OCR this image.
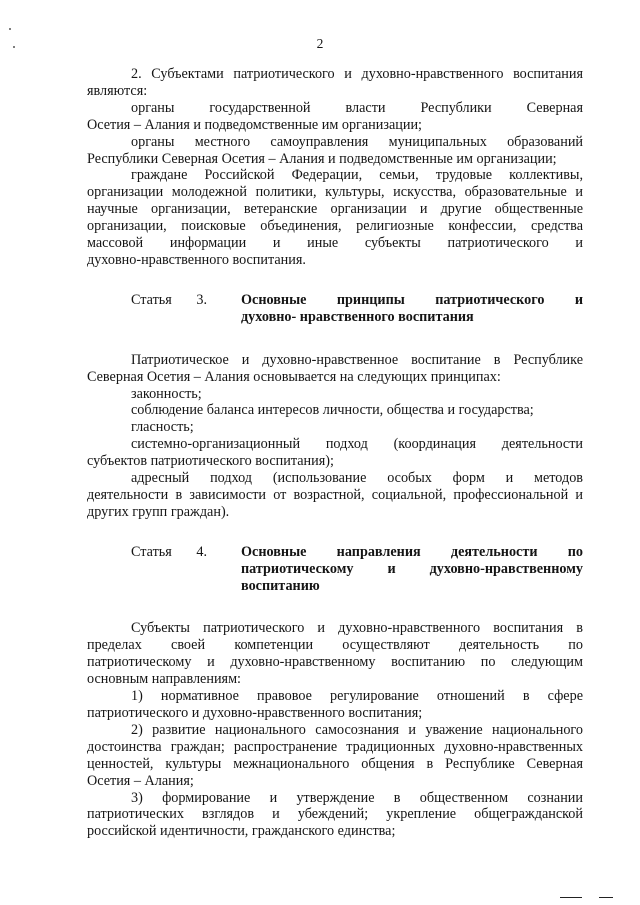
2
2. Субъектами патриотического и духовно-нравственного воспитания
являются:
органы государственной власти Республики Северная
Осетия – Алания и подведомственные им организации;
органы местного самоуправления муниципальных образований
Республики Северная Осетия – Алания и подведомственные им организации;
граждане Российской Федерации, семьи, трудовые коллективы,
организации молодежной политики, культуры, искусства, образовательные и
научные организации, ветеранские организации и другие общественные
организации, поисковые объединения, религиозные конфессии, средства
массовой информации и иные субъекты патриотического и
духовно-нравственного воспитания.
Статья 3. Основные принципы патриотического и
духовно- нравственного воспитания
Патриотическое и духовно-нравственное воспитание в Республике
Северная Осетия – Алания основывается на следующих принципах:
законность;
соблюдение баланса интересов личности, общества и государства;
гласность;
системно-организационный подход (координация деятельности
субъектов патриотического воспитания);
адресный подход (использование особых форм и методов
деятельности в зависимости от возрастной, социальной, профессиональной и
других групп граждан).
Статья 4. Основные направления деятельности по
патриотическому и духовно-нравственному
воспитанию
Субъекты патриотического и духовно-нравственного воспитания в
пределах своей компетенции осуществляют деятельность по
патриотическому и духовно-нравственному воспитанию по следующим
основным направлениям:
1) нормативное правовое регулирование отношений в сфере
патриотического и духовно-нравственного воспитания;
2) развитие национального самосознания и уважение национального
достоинства граждан; распространение традиционных духовно-нравственных
ценностей, культуры межнационального общения в Республике Северная
Осетия – Алания;
3) формирование и утверждение в общественном сознании
патриотических взглядов и убеждений; укрепление общегражданской
российской идентичности, гражданского единства;
